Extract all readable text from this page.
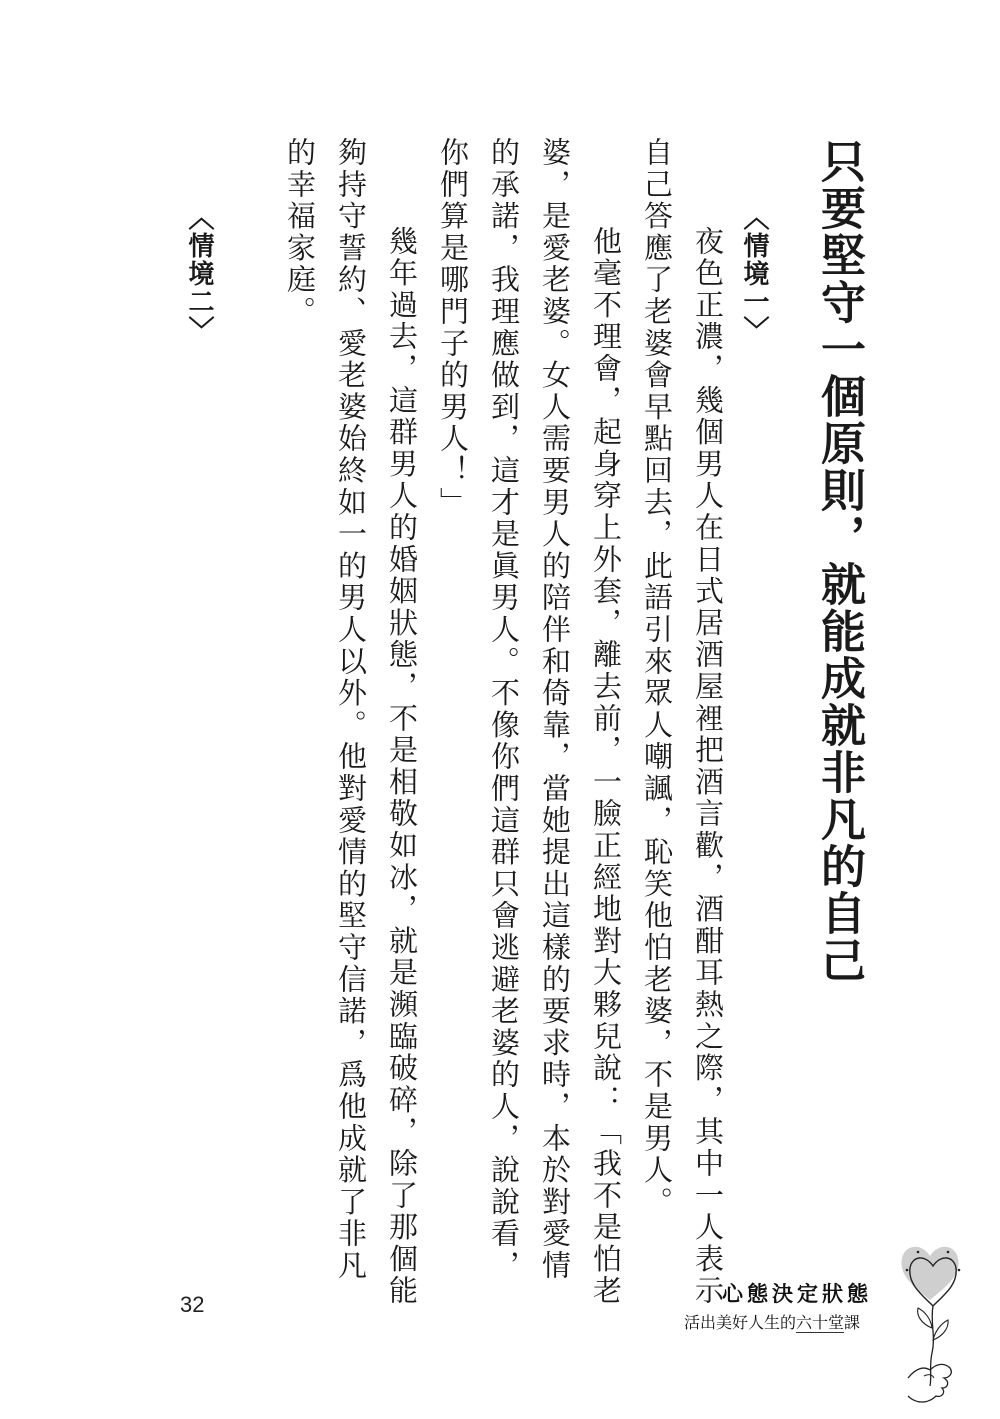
只要堅守一個原則，就能成就非凡的自己
〈情境一〉

　夜色正濃，幾個男人在日式居酒屋裡把酒言歡，酒酣耳熱之際，其中一人表示

自己答應了老婆會早點回去，此語引來眾人嘲諷，恥笑他怕老婆，不是男人。

　他毫不理會，起身穿上外套，離去前，一臉正經地對大夥兒說：「我不是怕老

婆，是愛老婆。女人需要男人的陪伴和倚靠，當她提出這樣的要求時，本於對愛情

的承諾，我理應做到，這才是眞男人。不像你們這群只會逃避老婆的人，說說看，

你們算是哪門子的男人！」

　幾年過去，這群男人的婚姻狀態，不是相敬如冰，就是瀕臨破碎，除了那個能

夠持守誓約、愛老婆始終如一的男人以外。他對愛情的堅守信諾，爲他成就了非凡

的幸福家庭。

〈情境二〉
32	心態決定狀態
活出美好人生的六十堂課
